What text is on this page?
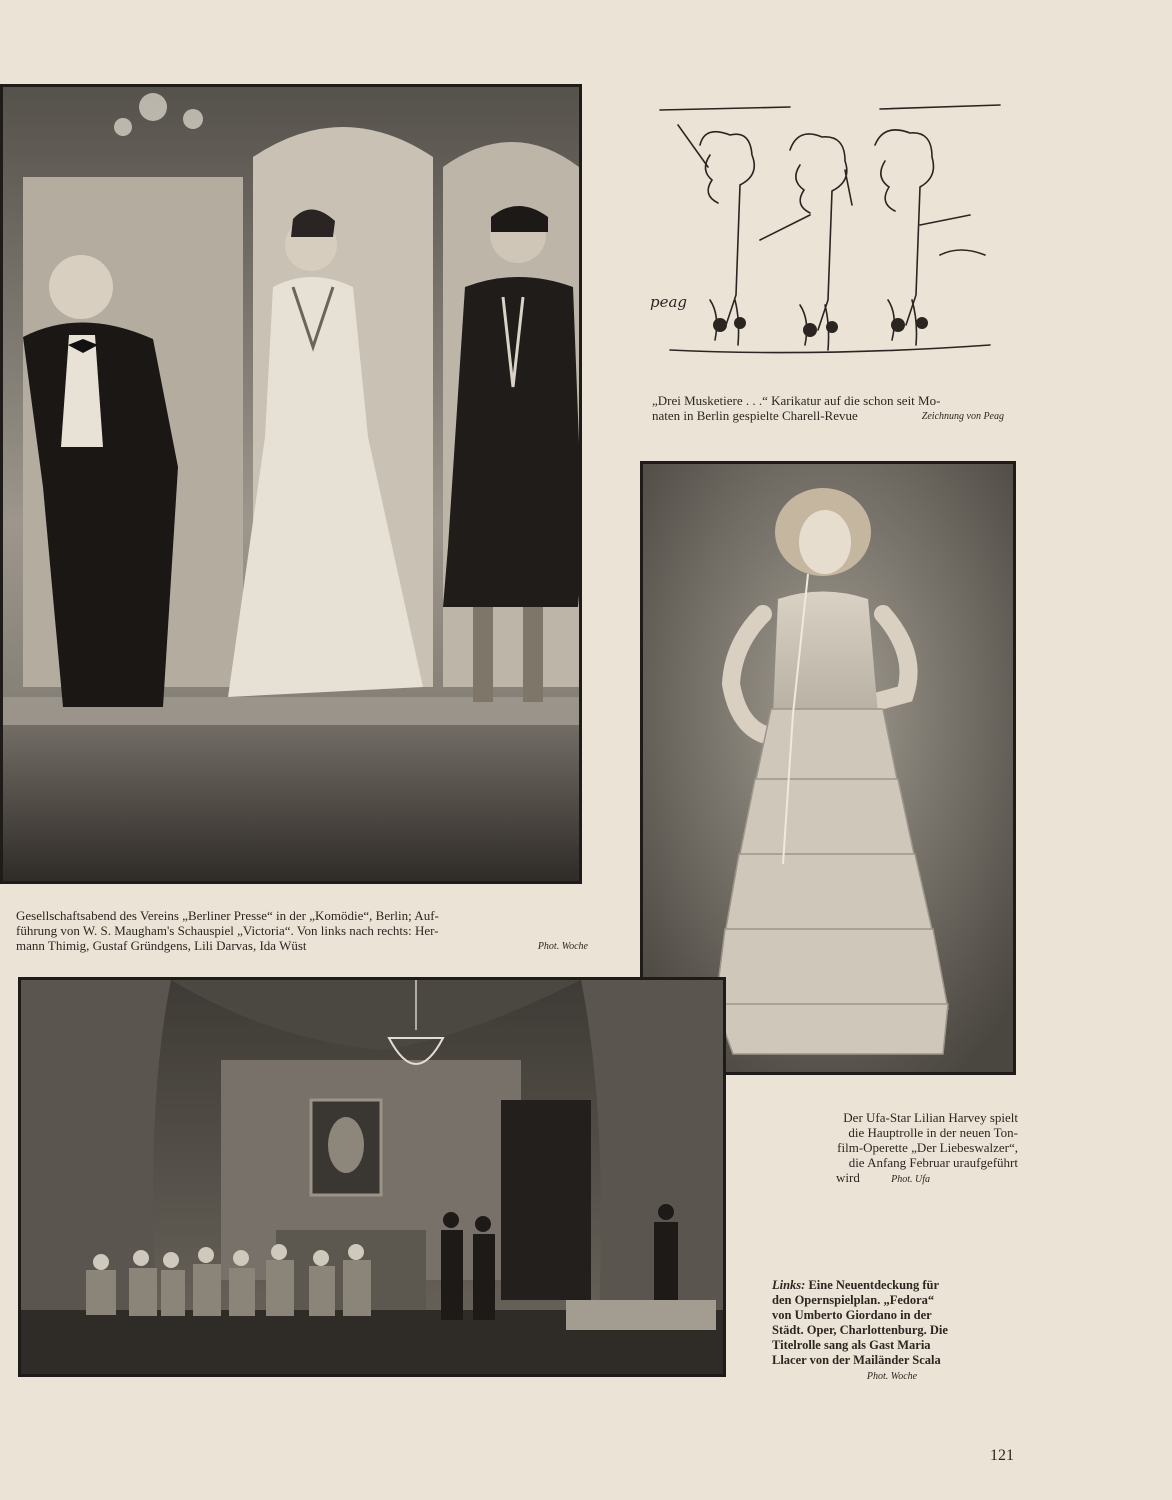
Gesellschaftsabend des Vereins „Berliner Presse“ in der „Komödie“, Berlin; Auf-
führung von W. S. Maugham's Schauspiel „Victoria“. Von links nach rechts: Her-
mann Thimig, Gustaf Gründgens, Lili Darvas, Ida Wüst	Phot. Woche
peag
„Drei Musketiere . . .“ Karikatur auf die schon seit Mo-
naten in Berlin gespielte Charell-Revue	Zeichnung von Peag
Der Ufa-Star Lilian Harvey spielt
die Hauptrolle in der neuen Ton-
film-Operette „Der Liebeswalzer“,
die Anfang Februar uraufgeführt
wird	Phot. Ufa
Links: Eine Neuentdeckung für
den Opernspielplan. „Fedora“
von Umberto Giordano in der
Städt. Oper, Charlottenburg. Die
Titelrolle sang als Gast Maria
Llacer von der Mailänder Scala
Phot. Woche
121
